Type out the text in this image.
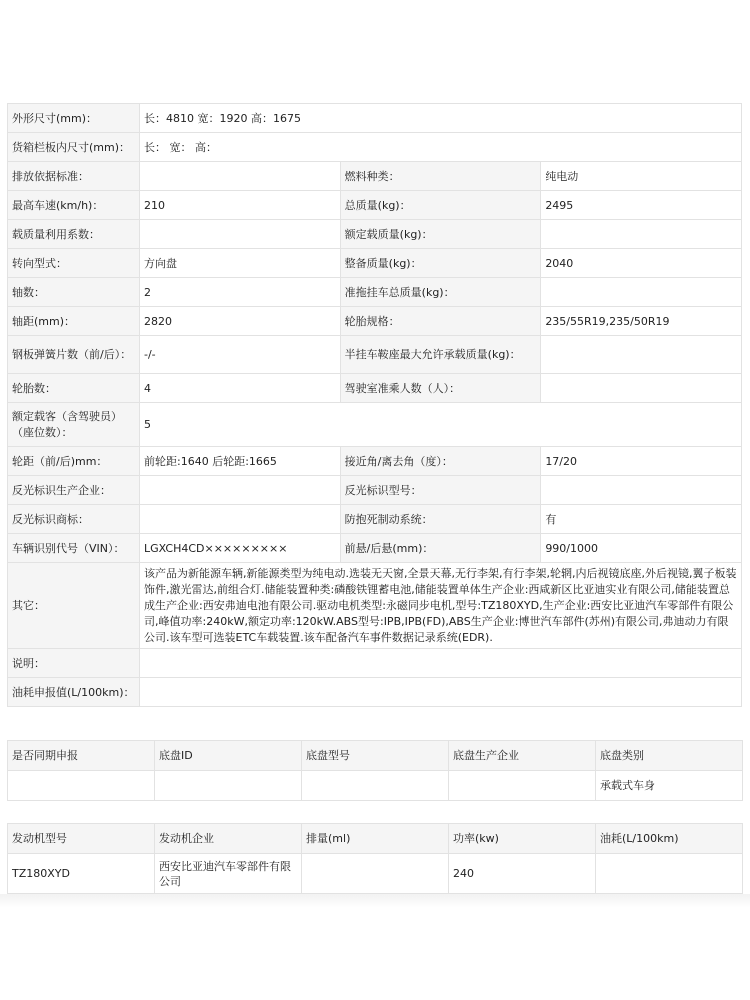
外形尺寸(mm)：	长：4810 宽：1920 高：1675		
货箱栏板内尺寸(mm)：	长： 宽： 高：		
排放依据标准：		燃料种类：	纯电动
最高车速(km/h)：	210	总质量(kg)：	2495
载质量利用系数：		额定载质量(kg)：	
转向型式：	方向盘	整备质量(kg)：	2040
轴数：	2	准拖挂车总质量(kg)：	
轴距(mm)：	2820	轮胎规格：	235/55R19,235/50R19
钢板弹簧片数（前/后）：	-/-	半挂车鞍座最大允许承载质量(kg)：	
轮胎数：	4	驾驶室准乘人数（人）：	
额定载客（含驾驶员）（座位数）：	5		
轮距（前/后)mm：	前轮距:1640 后轮距:1665	接近角/离去角（度）：	17/20
反光标识生产企业：		反光标识型号：	
反光标识商标：		防抱死制动系统：	有
车辆识别代号（VIN）：	LGXCH4CD×××××××××	前悬/后悬(mm)：	990/1000
其它：	该产品为新能源车辆,新能源类型为纯电动.选装无天窗,全景天幕,无行李架,有行李架,轮辋,内后视镜底座,外后视镜,翼子板装饰件,激光雷达,前组合灯.储能装置种类:磷酸铁锂蓄电池,储能装置单体生产企业:西咸新区比亚迪实业有限公司,储能装置总成生产企业:西安弗迪电池有限公司.驱动电机类型:永磁同步电机,型号:TZ180XYD,生产企业:西安比亚迪汽车零部件有限公司,峰值功率:240kW,额定功率:120kW.ABS型号:IPB,IPB(FD),ABS生产企业:博世汽车部件(苏州)有限公司,弗迪动力有限公司.该车型可选装ETC车载装置.该车配备汽车事件数据记录系统(EDR).		
说明：			
油耗申报值(L/100km)：			
是否同期申报	底盘ID	底盘型号	底盘生产企业	底盘类别
				承载式车身
发动机型号	发动机企业	排量(ml)	功率(kw)	油耗(L/100km)
TZ180XYD	西安比亚迪汽车零部件有限公司		240	
